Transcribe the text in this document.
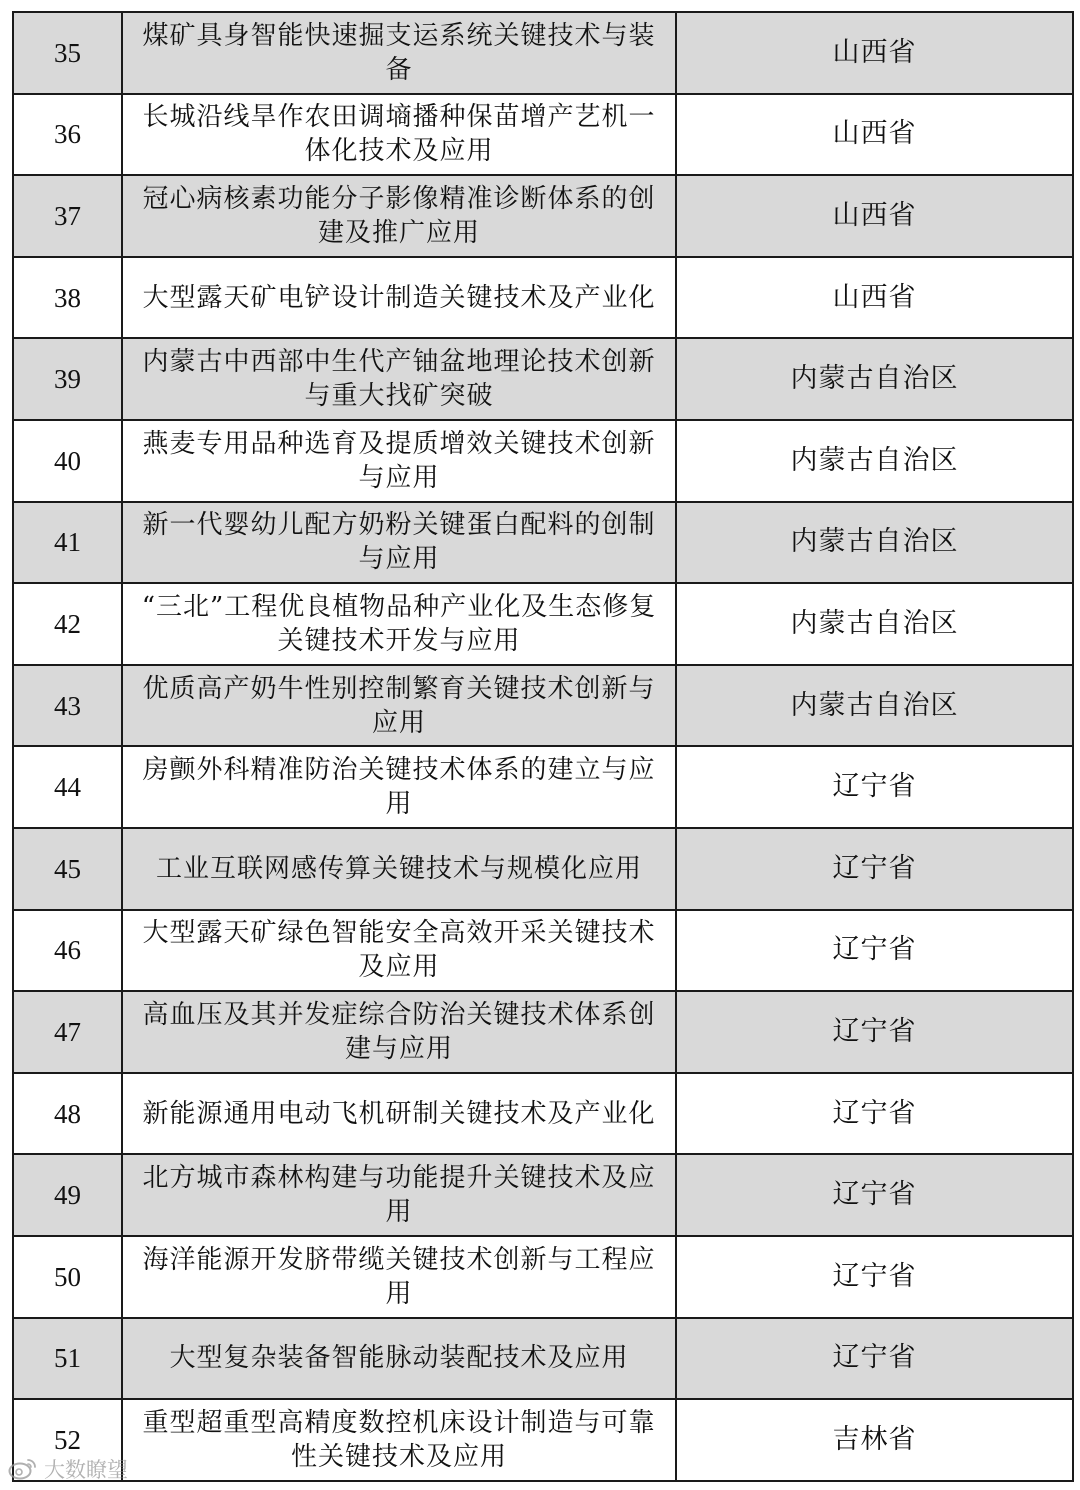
35	煤矿具身智能快速掘支运系统关键技术与装备	山西省
36	长城沿线旱作农田调墒播种保苗增产艺机一体化技术及应用	山西省
37	冠心病核素功能分子影像精准诊断体系的创建及推广应用	山西省
38	大型露天矿电铲设计制造关键技术及产业化	山西省
39	内蒙古中西部中生代产铀盆地理论技术创新与重大找矿突破	内蒙古自治区
40	燕麦专用品种选育及提质增效关键技术创新与应用	内蒙古自治区
41	新一代婴幼儿配方奶粉关键蛋白配料的创制与应用	内蒙古自治区
42	“三北”工程优良植物品种产业化及生态修复关键技术开发与应用	内蒙古自治区
43	优质高产奶牛性别控制繁育关键技术创新与应用	内蒙古自治区
44	房颤外科精准防治关键技术体系的建立与应用	辽宁省
45	工业互联网感传算关键技术与规模化应用	辽宁省
46	大型露天矿绿色智能安全高效开采关键技术及应用	辽宁省
47	高血压及其并发症综合防治关键技术体系创建与应用	辽宁省
48	新能源通用电动飞机研制关键技术及产业化	辽宁省
49	北方城市森林构建与功能提升关键技术及应用	辽宁省
50	海洋能源开发脐带缆关键技术创新与工程应用	辽宁省
51	大型复杂装备智能脉动装配技术及应用	辽宁省
52	重型超重型高精度数控机床设计制造与可靠性关键技术及应用	吉林省
大数瞭望
